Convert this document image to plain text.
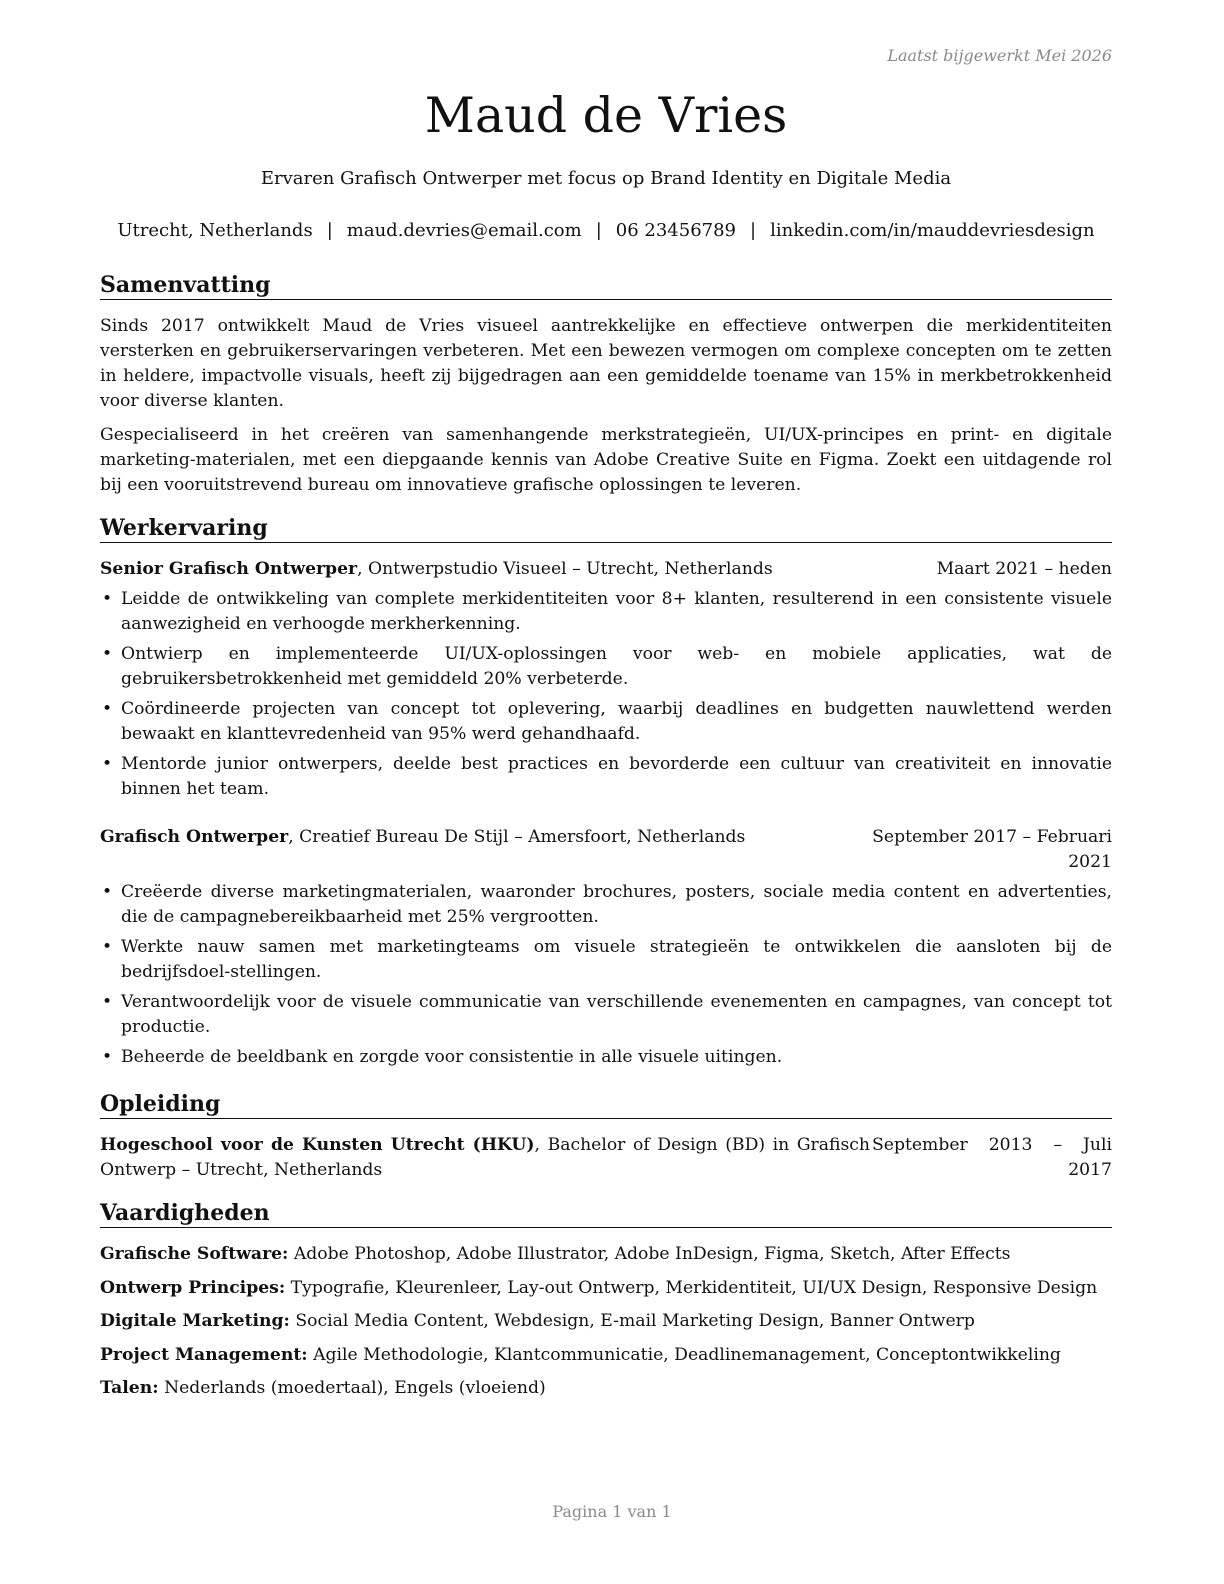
Laatst bijgewerkt Mei 2026
Maud de Vries
Ervaren Grafisch Ontwerper met focus op Brand Identity en Digitale Media
Utrecht, Netherlands | maud.devries@email.com | 06 23456789 | linkedin.com/in/mauddevriesdesign
Samenvatting

Sinds 2017 ontwikkelt Maud de Vries visueel aantrekkelijke en effectieve ontwerpen die merkidentiteiten versterken en gebruikerservaringen verbeteren. Met een bewezen vermogen om complexe concepten om te zetten in heldere, impactvolle visuals, heeft zij bijgedragen aan een gemiddelde toename van 15% in merkbetrokkenheid voor diverse klanten.

Gespecialiseerd in het creëren van samenhangende merkstrategieën, UI/UX-principes en print- en digitale marketing-materialen, met een diepgaande kennis van Adobe Creative Suite en Figma. Zoekt een uitdagende rol bij een vooruitstrevend bureau om innovatieve grafische oplossingen te leveren.

Werkervaring
Senior Grafisch Ontwerper, Ontwerpstudio Visueel – Utrecht, Netherlands	Maart 2021 – heden
• Leidde de ontwikkeling van complete merkidentiteiten voor 8+ klanten, resulterend in een consistente visuele aanwezigheid en verhoogde merkherkenning.
• Ontwierp en implementeerde UI/UX-oplossingen voor web- en mobiele applicaties, wat de gebruikersbetrokkenheid met gemiddeld 20% verbeterde.
• Coördineerde projecten van concept tot oplevering, waarbij deadlines en budgetten nauwlettend werden bewaakt en klanttevredenheid van 95% werd gehandhaafd.
• Mentorde junior ontwerpers, deelde best practices en bevorderde een cultuur van creativiteit en innovatie binnen het team.
Grafisch Ontwerper, Creatief Bureau De Stijl – Amersfoort, Netherlands	September 2017 – Februari
2021
• Creëerde diverse marketingmaterialen, waaronder brochures, posters, sociale media content en advertenties, die de campagnebereikbaarheid met 25% vergrootten.
• Werkte nauw samen met marketingteams om visuele strategieën te ontwikkelen die aansloten bij de bedrijfsdoel-stellingen.
• Verantwoordelijk voor de visuele communicatie van verschillende evenementen en campagnes, van concept tot productie.
• Beheerde de beeldbank en zorgde voor consistentie in alle visuele uitingen.
Opleiding
Hogeschool voor de Kunsten Utrecht (HKU), Bachelor of Design (BD) in Grafisch Ontwerp – Utrecht, Netherlands
September 2013 – Juli 2017
Vaardigheden
Grafische Software: Adobe Photoshop, Adobe Illustrator, Adobe InDesign, Figma, Sketch, After Effects
Ontwerp Principes: Typografie, Kleurenleer, Lay-out Ontwerp, Merkidentiteit, UI/UX Design, Responsive Design
Digitale Marketing: Social Media Content, Webdesign, E-mail Marketing Design, Banner Ontwerp
Project Management: Agile Methodologie, Klantcommunicatie, Deadlinemanagement, Conceptontwikkeling
Talen: Nederlands (moedertaal), Engels (vloeiend)
Pagina 1 van 1
